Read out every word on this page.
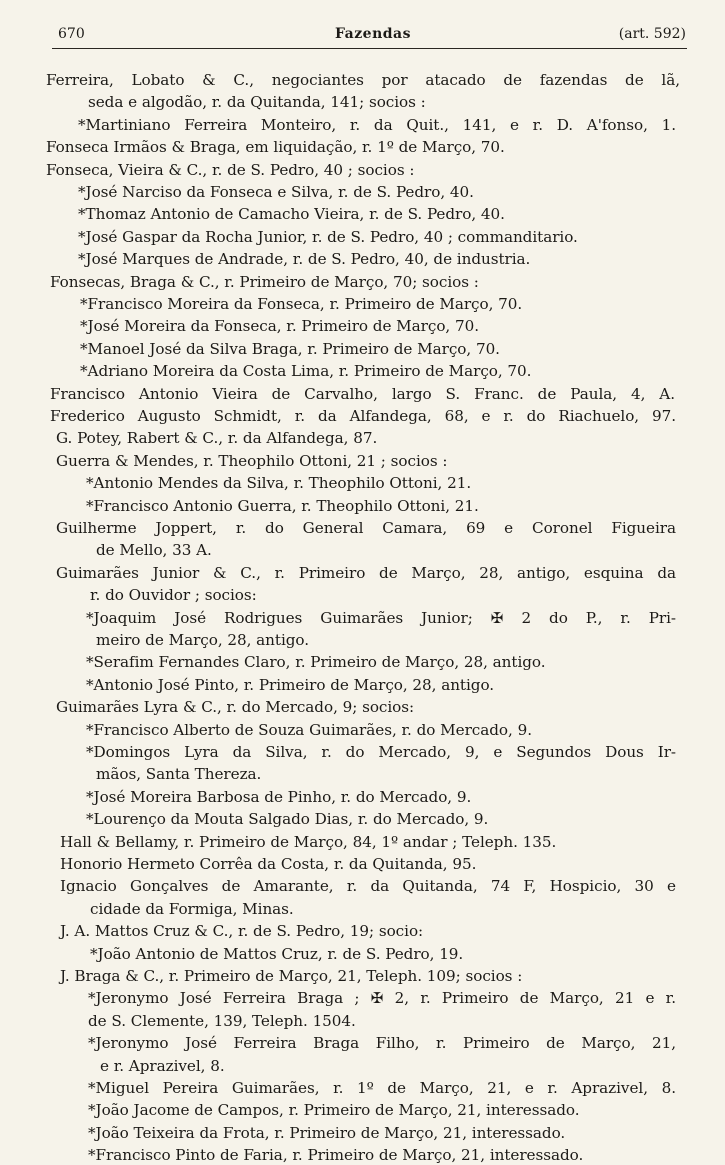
670	Fazendas	(art. 592)
Ferreira, Lobato & C., negociantes por atacado de fazendas de lã,
seda e algodão, r. da Quitanda, 141; socios :
*Martiniano Ferreira Monteiro, r. da Quit., 141, e r. D. A'fonso, 1.
Fonseca Irmãos & Braga, em liquidação, r. 1º de Março, 70.
Fonseca, Vieira & C., r. de S. Pedro, 40 ; socios :
*José Narciso da Fonseca e Silva, r. de S. Pedro, 40.
*Thomaz Antonio de Camacho Vieira, r. de S. Pedro, 40.
*José Gaspar da Rocha Junior, r. de S. Pedro, 40 ; commanditario.
*José Marques de Andrade, r. de S. Pedro, 40, de industria.
Fonsecas, Braga & C., r. Primeiro de Março, 70; socios :
*Francisco Moreira da Fonseca, r. Primeiro de Março, 70.
*José Moreira da Fonseca, r. Primeiro de Março, 70.
*Manoel José da Silva Braga, r. Primeiro de Março, 70.
*Adriano Moreira da Costa Lima, r. Primeiro de Março, 70.
Francisco Antonio Vieira de Carvalho, largo S. Franc. de Paula, 4, A.
Frederico Augusto Schmidt, r. da Alfandega, 68, e r. do Riachuelo, 97.
G. Potey, Rabert & C., r. da Alfandega, 87.
Guerra & Mendes, r. Theophilo Ottoni, 21 ; socios :
*Antonio Mendes da Silva, r. Theophilo Ottoni, 21.
*Francisco Antonio Guerra, r. Theophilo Ottoni, 21.
Guilherme Joppert, r. do General Camara, 69 e Coronel Figueira
de Mello, 33 A.
Guimarães Junior & C., r. Primeiro de Março, 28, antigo, esquina da
r. do Ouvidor ; socios:
*Joaquim José Rodrigues Guimarães Junior; ✠ 2 do P., r. Pri-
meiro de Março, 28, antigo.
*Serafim Fernandes Claro, r. Primeiro de Março, 28, antigo.
*Antonio José Pinto, r. Primeiro de Março, 28, antigo.
Guimarães Lyra & C., r. do Mercado, 9; socios:
*Francisco Alberto de Souza Guimarães, r. do Mercado, 9.
*Domingos Lyra da Silva, r. do Mercado, 9, e Segundos Dous Ir-
mãos, Santa Thereza.
*José Moreira Barbosa de Pinho, r. do Mercado, 9.
*Lourenço da Mouta Salgado Dias, r. do Mercado, 9.
Hall & Bellamy, r. Primeiro de Março, 84, 1º andar ; Teleph. 135.
Honorio Hermeto Corrêa da Costa, r. da Quitanda, 95.
Ignacio Gonçalves de Amarante, r. da Quitanda, 74 F, Hospicio, 30 e
cidade da Formiga, Minas.
J. A. Mattos Cruz & C., r. de S. Pedro, 19; socio:
*João Antonio de Mattos Cruz, r. de S. Pedro, 19.
J. Braga & C., r. Primeiro de Março, 21, Teleph. 109; socios :
*Jeronymo José Ferreira Braga ; ✠ 2, r. Primeiro de Março, 21 e r.
de S. Clemente, 139, Teleph. 1504.
*Jeronymo José Ferreira Braga Filho, r. Primeiro de Março, 21,
e r. Aprazivel, 8.
*Miguel Pereira Guimarães, r. 1º de Março, 21, e r. Aprazivel, 8.
*João Jacome de Campos, r. Primeiro de Março, 21, interessado.
*João Teixeira da Frota, r. Primeiro de Março, 21, interessado.
*Francisco Pinto de Faria, r. Primeiro de Março, 21, interessado.
